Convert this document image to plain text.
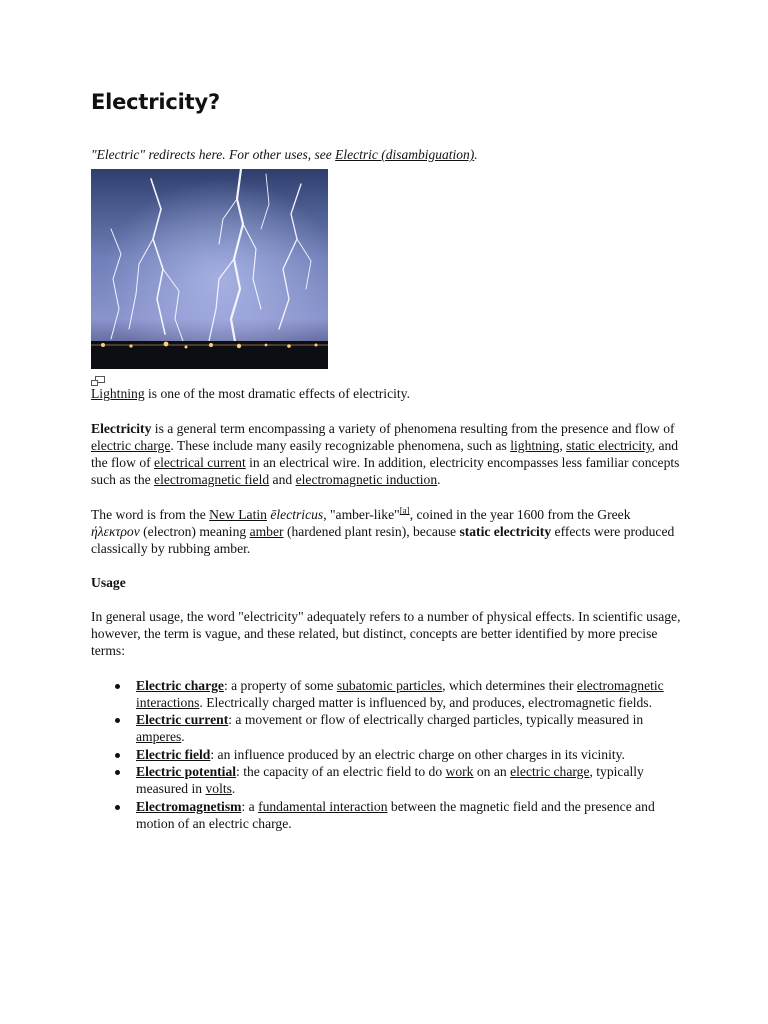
Electricity?

"Electric" redirects here. For other uses, see Electric (disambiguation).

Lightning is one of the most dramatic effects of electricity.

Electricity is a general term encompassing a variety of phenomena resulting from the presence and flow of electric charge. These include many easily recognizable phenomena, such as lightning, static electricity, and the flow of electrical current in an electrical wire. In addition, electricity encompasses less familiar concepts such as the electromagnetic field and electromagnetic induction.

The word is from the New Latin ēlectricus, "amber-like"[a], coined in the year 1600 from the Greek ήλεκτρον (electron) meaning amber (hardened plant resin), because static electricity effects were produced classically by rubbing amber.

Usage

In general usage, the word "electricity" adequately refers to a number of physical effects. In scientific usage, however, the term is vague, and these related, but distinct, concepts are better identified by more precise terms:

Electric charge: a property of some subatomic particles, which determines their electromagnetic interactions. Electrically charged matter is influenced by, and produces, electromagnetic fields.
Electric current: a movement or flow of electrically charged particles, typically measured in amperes.
Electric field: an influence produced by an electric charge on other charges in its vicinity.
Electric potential: the capacity of an electric field to do work on an electric charge, typically measured in volts.
Electromagnetism: a fundamental interaction between the magnetic field and the presence and motion of an electric charge.
